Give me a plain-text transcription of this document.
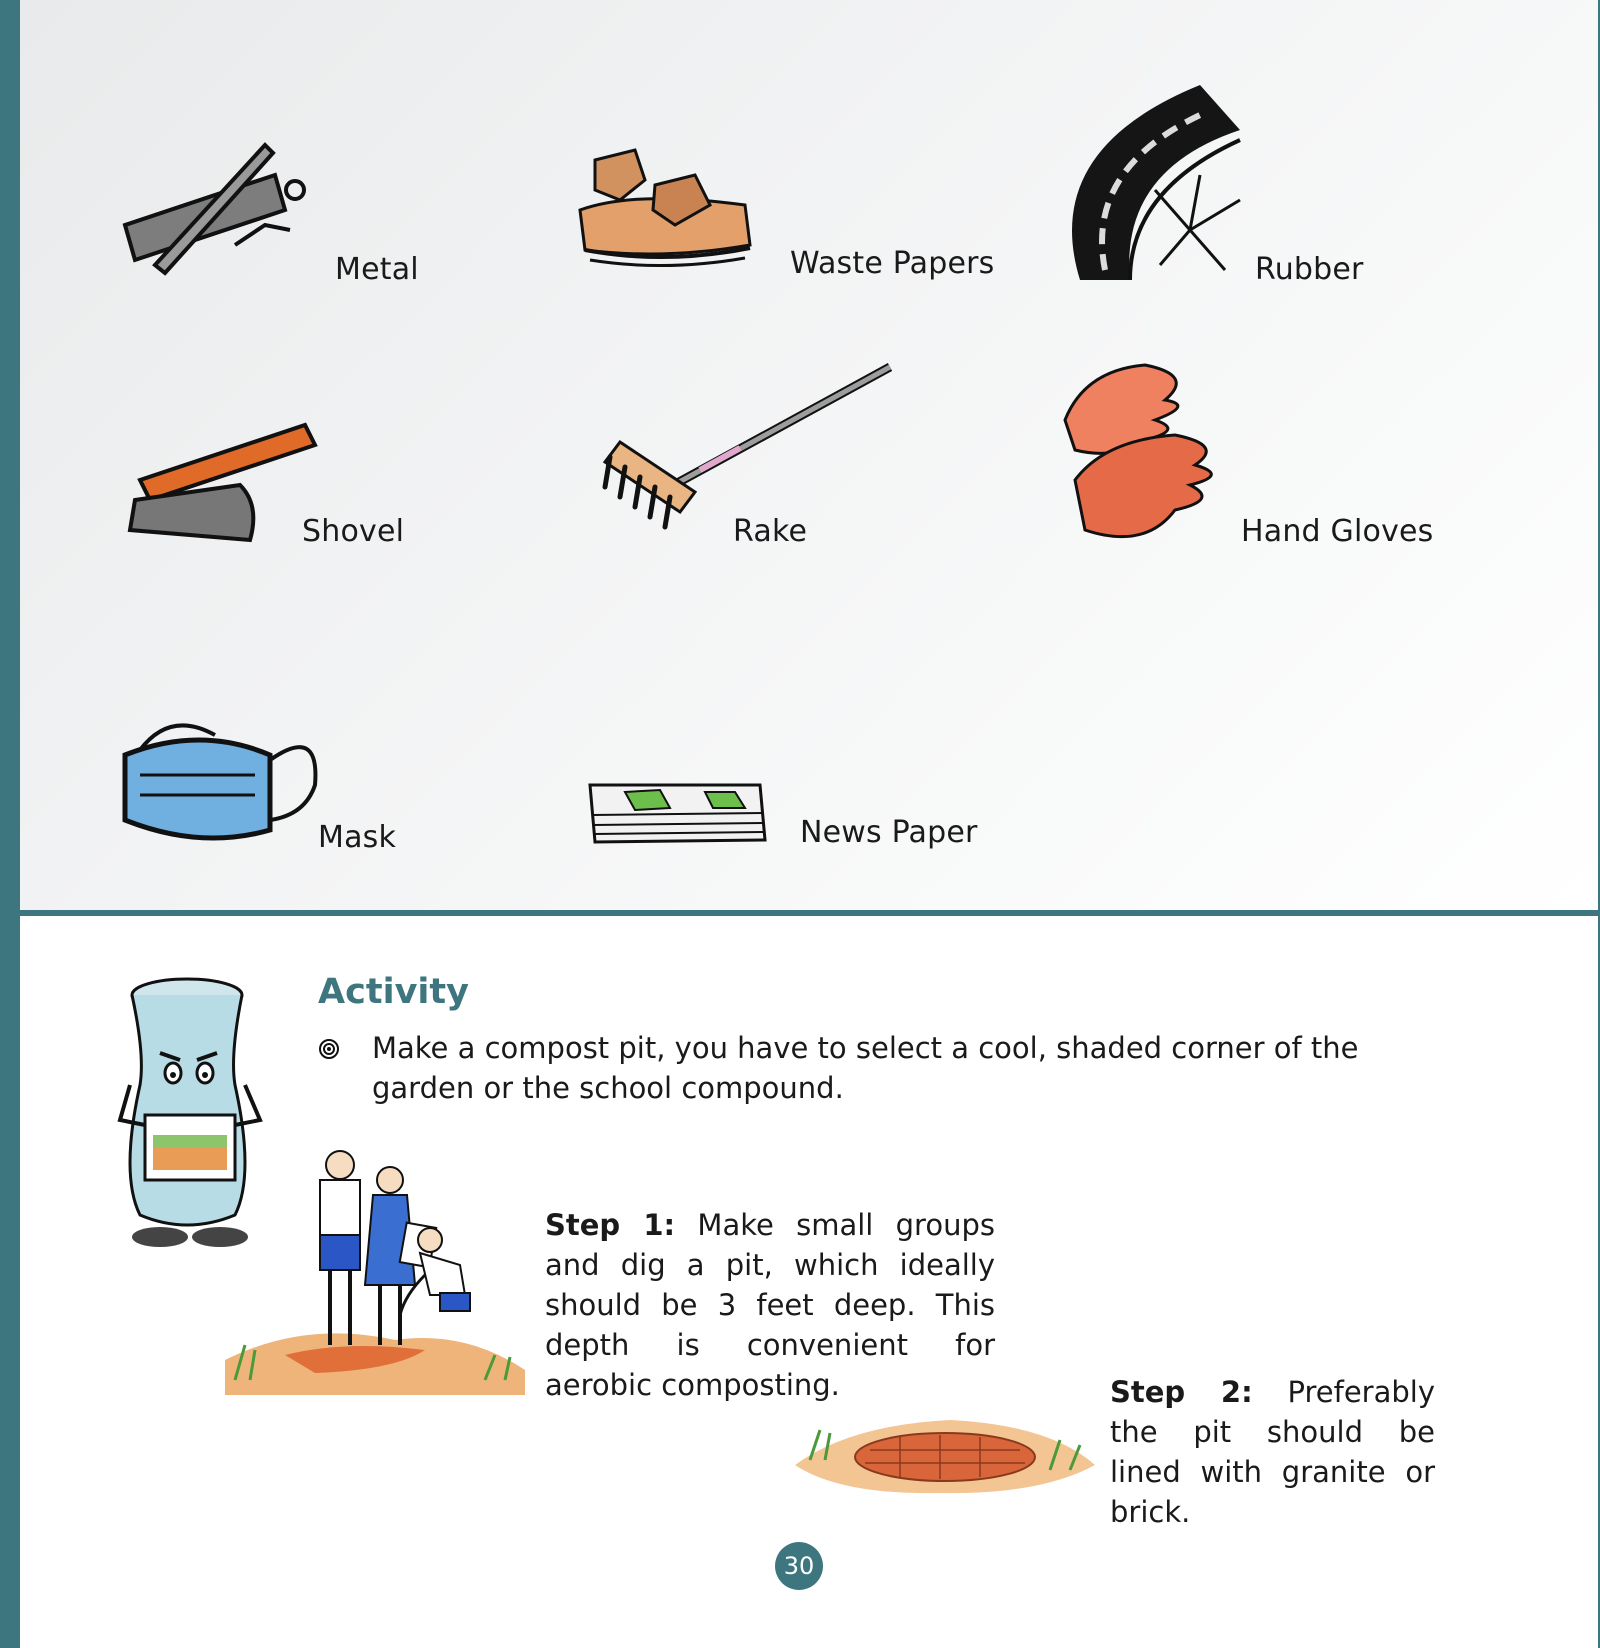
Metal	Waste Papers	Rubber
Shovel	Rake	Hand Gloves
Mask	News Paper
Activity
Make a compost pit, you have to select a cool, shaded corner of the garden or the school compound.
Step 1: Make small groups and dig a pit, which ideally should be 3 feet deep. This depth is convenient for aerobic composting.	Step 2: Preferably the pit should be lined with granite or brick.
30
